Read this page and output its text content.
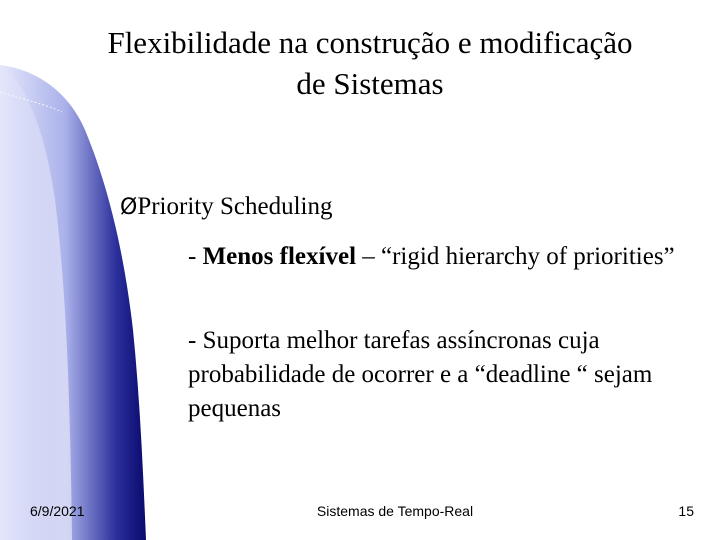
Flexibilidade na construção e modificação
de Sistemas
ØPriority Scheduling
- Menos flexível – “rigid hierarchy of priorities”
- Suporta melhor tarefas assíncronas cuja probabilidade de ocorrer e a “deadline “ sejam pequenas
6/9/2021	Sistemas de Tempo-Real	15
